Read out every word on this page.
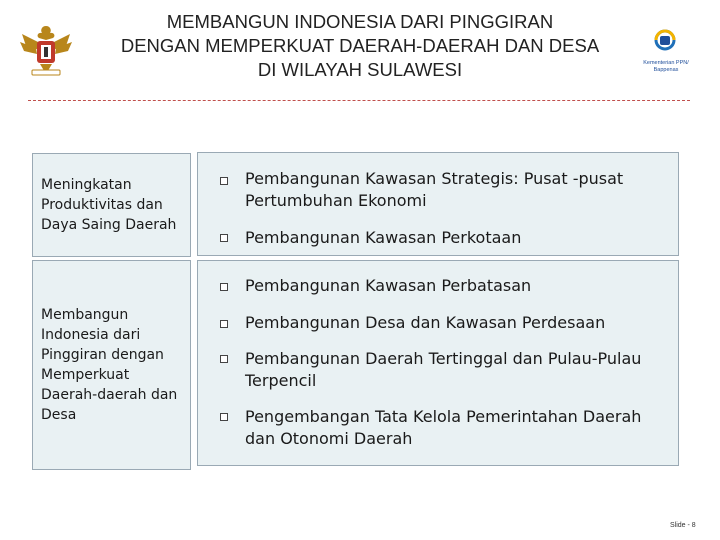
MEMBANGUN INDONESIA DARI PINGGIRAN
DENGAN MEMPERKUAT DAERAH-DAERAH DAN DESA
DI WILAYAH SULAWESI	Kementerian PPN/
Bappenas
Meningkatan Produktivitas dan Daya Saing Daerah
Membangun Indonesia dari Pinggiran dengan Memperkuat Daerah-daerah dan Desa
Pembangunan Kawasan Strategis: Pusat -pusat Pertumbuhan Ekonomi
Pembangunan Kawasan Perkotaan
Pembangunan Kawasan Perbatasan
Pembangunan Desa dan Kawasan Perdesaan
Pembangunan Daerah Tertinggal dan Pulau-Pulau Terpencil
Pengembangan Tata Kelola Pemerintahan Daerah dan Otonomi Daerah
Slide - 8
